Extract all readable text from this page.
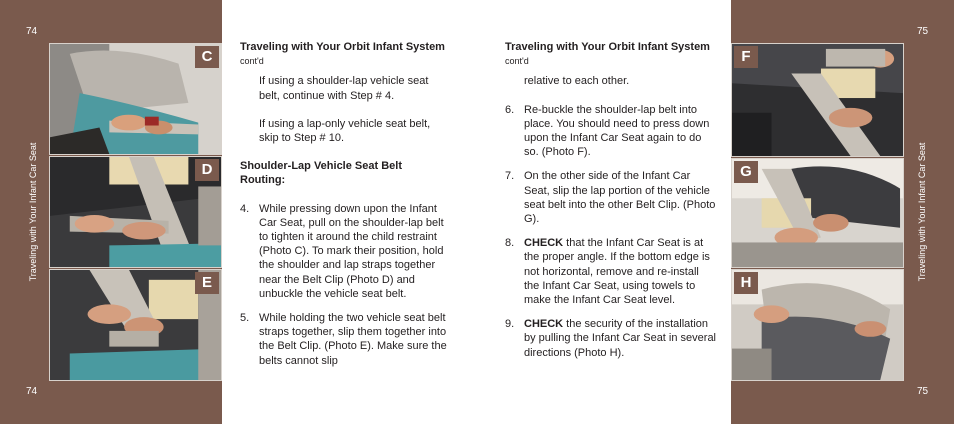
74
74
Traveling with Your Infant Car Seat
C
D
E
Traveling with Your Orbit Infant System cont'd
If using a shoulder-lap vehicle seat belt, continue with Step # 4.
If using a lap-only vehicle seat belt, skip to Step # 10.
Shoulder-Lap Vehicle Seat Belt Routing:
4. While pressing down upon the Infant Car Seat, pull on the shoulder-lap belt to tighten it around the child restraint (Photo C). To mark their position, hold the shoulder and lap straps together near the Belt Clip (Photo D) and unbuckle the vehicle seat belt.
5. While holding the two vehicle seat belt straps together, slip them together into the Belt Clip. (Photo E). Make sure the belts cannot slip
Traveling with Your Orbit Infant System cont'd
relative to each other.
6. Re-buckle the shoulder-lap belt into place. You should need to press down upon the Infant Car Seat again to do so. (Photo F).
7. On the other side of the Infant Car Seat, slip the lap portion of the vehicle seat belt into the other Belt Clip. (Photo G).
8. CHECK that the Infant Car Seat is at the proper angle. If the bottom edge is not horizontal, remove and re-install the Infant Car Seat, using towels to make the Infant Car Seat level.
9. CHECK the security of the installation by pulling the Infant Car Seat in several directions (Photo H).
75
75
Traveling with Your Infant Car Seat
F
G
H
